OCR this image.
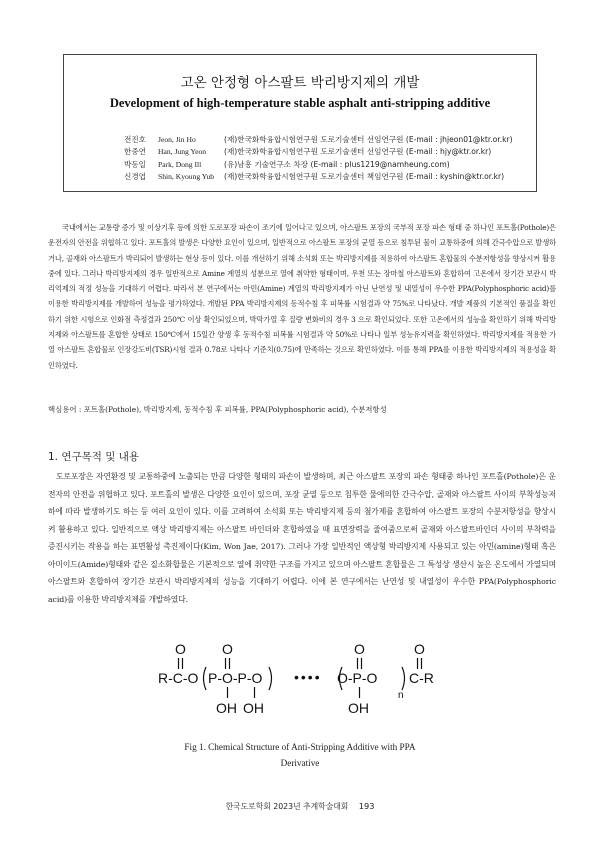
고온 안정형 아스팔트 박리방지제의 개발
Development of high-temperature stable asphalt anti-stripping additive
전진호	Jeon, Jin Ho	(재)한국화학융합시험연구원 도로기술센터 선임연구원 (E-mail : jhjeon01@ktr.or.kr)
한중연	Han, Jung Yeon	(재)한국화학융합시험연구원 도로기술센터 선임연구원 (E-mail : hjy@ktr.or.kr)
박동일	Park, Dong Ill	(유)남흥 기술연구소 차장 (E-mail : plus1219@namheung.com)
신경엽	Shin, Kyoung Yub	(재)한국화학융합시험연구원 도로기술센터 책임연구원 (E-mail : kyshin@ktr.or.kr)

국내에서는 교통량 증가 및 이상기후 등에 의한 도로포장 파손이 조기에 일어나고 있으며, 아스팔트 포장의 국부적 포장 파손 형태 중 하나인 포트홀(Pothole)은 운전자의 안전을 위협하고 있다. 포트홀의 발생은 다양한 요인이 있으며, 일반적으로 아스팔트 포장의 균열 등으로 침투된 물이 교통하중에 의해 간극수압으로 발생하거나, 골재와 아스팔트가 박리되어 발생하는 현상 등이 있다. 이를 개선하기 위해 소석회 또는 박리방지제를 적용하여 아스팔트 혼합물의 수분저항성을 향상시켜 활용 중에 있다. 그러나 박리방지제의 경우 일반적으로 Amine 계열의 성분으로 열에 취약한 형태이며, 우천 또는 장마철 아스팔트와 혼합하여 고온에서 장기간 보관시 박리억제의 적정 성능을 기대하기 어렵다. 따라서 본 연구에서는 아민(Amine) 계열의 박리방지제가 아닌 난연성 및 내열성이 우수한 PPA(Polyphosphoric acid)를 이용한 박리방지제를 개발하여 성능을 평가하였다. 개발된 PPA 박리방지제의 동적수침 후 피복률 시험결과 약 75%로 나타났다. 개발 제품의 기본적인 품질을 확인하기 위한 시험으로 인화점 측정결과 250℃ 이상 확인되었으며, 박막가열 후 질량 변화비의 경우 3 으로 확인되었다. 또한 고온에서의 성능을 확인하기 위해 박리방지제와 아스팔트를 혼합한 상태로 150℃에서 15일간 양생 후 동적수침 피복률 시험결과 약 50%로 나타나 일부 성능유지력을 확인하였다. 박리방지제를 적용한 가열 아스팔트 혼합물로 인장강도비(TSR)시험 결과 0.78로 나타나 기준치(0.75)에 만족하는 것으로 확인하였다. 이를 통해 PPA를 이용한 박리방지제의 적용성을 확인하였다.

핵심용어 : 포트홀(Pothole), 박리방지제, 동적수침 후 피복률, PPA(Polyphosphoric acid), 수분저항성

1. 연구목적 및 내용

도로포장은 자연환경 및 교통하중에 노출되는 만큼 다양한 형태의 파손이 발생하며, 최근 아스팔트 포장의 파손 형태중 하나인 포트홀(Pothole)은 운전자의 안전을 위협하고 있다. 포트홀의 발생은 다양한 요인이 있으며, 포장 균열 등으로 침투한 물에의한 간극수압, 골재와 아스팔트 사이의 부착성능저하에 따라 발생하기도 하는 등 여러 요인이 있다. 이를 고려하여 소석회 또는 박리방지제 등의 첨가제를 혼합하여 아스팔트 포장의 수분저항성을 향상시켜 활용하고 있다. 일반적으로 액상 박리방지제는 아스팔트 바인더와 혼합하였을 때 표면장력을 줄여줌으로써 골재와 아스팔트바인더 사이의 부착력을 증진시키는 작용을 하는 표면활성 촉진제이다(Kim, Won Jae, 2017). 그러나 가장 일반적인 액상형 박리방지제 사용되고 있는 아민(amine)형태 혹은 아미이드(Amide)형태와 같은 질소화합물은 기본적으로 열에 취약한 구조를 가지고 있으며 아스팔트 혼합물은 그 특성상 생산시 높은 온도에서 가열되며 아스팔트와 혼합하여 장기간 보관시 박리방지제의 성능을 기대하기 어렵다. 이에 본 연구에서는 난연성 및 내열성이 우수한 PPA(Polyphosphoric acid)를 이용한 박리방지제를 개발하였다.

O	O	O	O
R-C-O P-O-P-O •••• O-P-O C-R
n
OH OH	OH

Fig 1. Chemical Structure of Anti-Stripping Additive with PPA
Derivative

한국도로학회 2023년 추계학술대회 193
